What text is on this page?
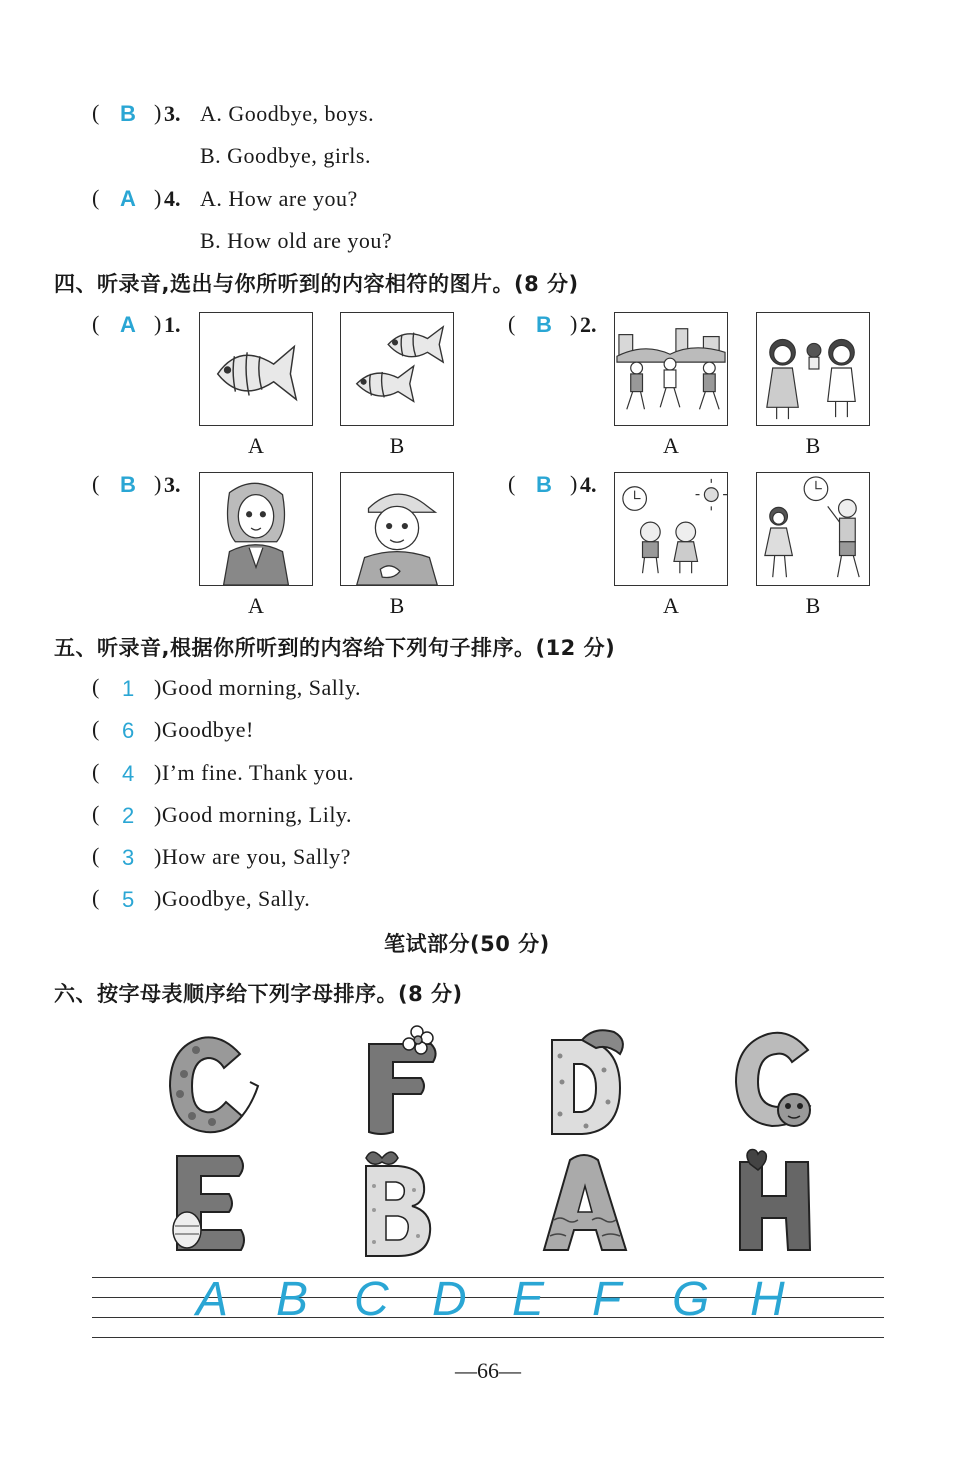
( B ) 3. A. Goodbye, boys.
B. Goodbye, girls.
( A ) 4. A. How are you?
B. How old are you?
四、听录音,选出与你所听到的内容相符的图片。(8 分)
( A ) 1.
A	B
( B ) 2.
A	B
( B ) 3.
A	B
( B ) 4.
A	B
五、听录音,根据你所听到的内容给下列句子排序。(12 分)
( 1 )Good morning, Sally.
( 6 )Goodbye!
( 4 )I’m fine. Thank you.
( 2 )Good morning, Lily.
( 3 )How are you, Sally?
( 5 )Goodbye, Sally.
笔试部分(50 分)
六、按字母表顺序给下列字母排序。(8 分)
A B C D E F G H
—66—
